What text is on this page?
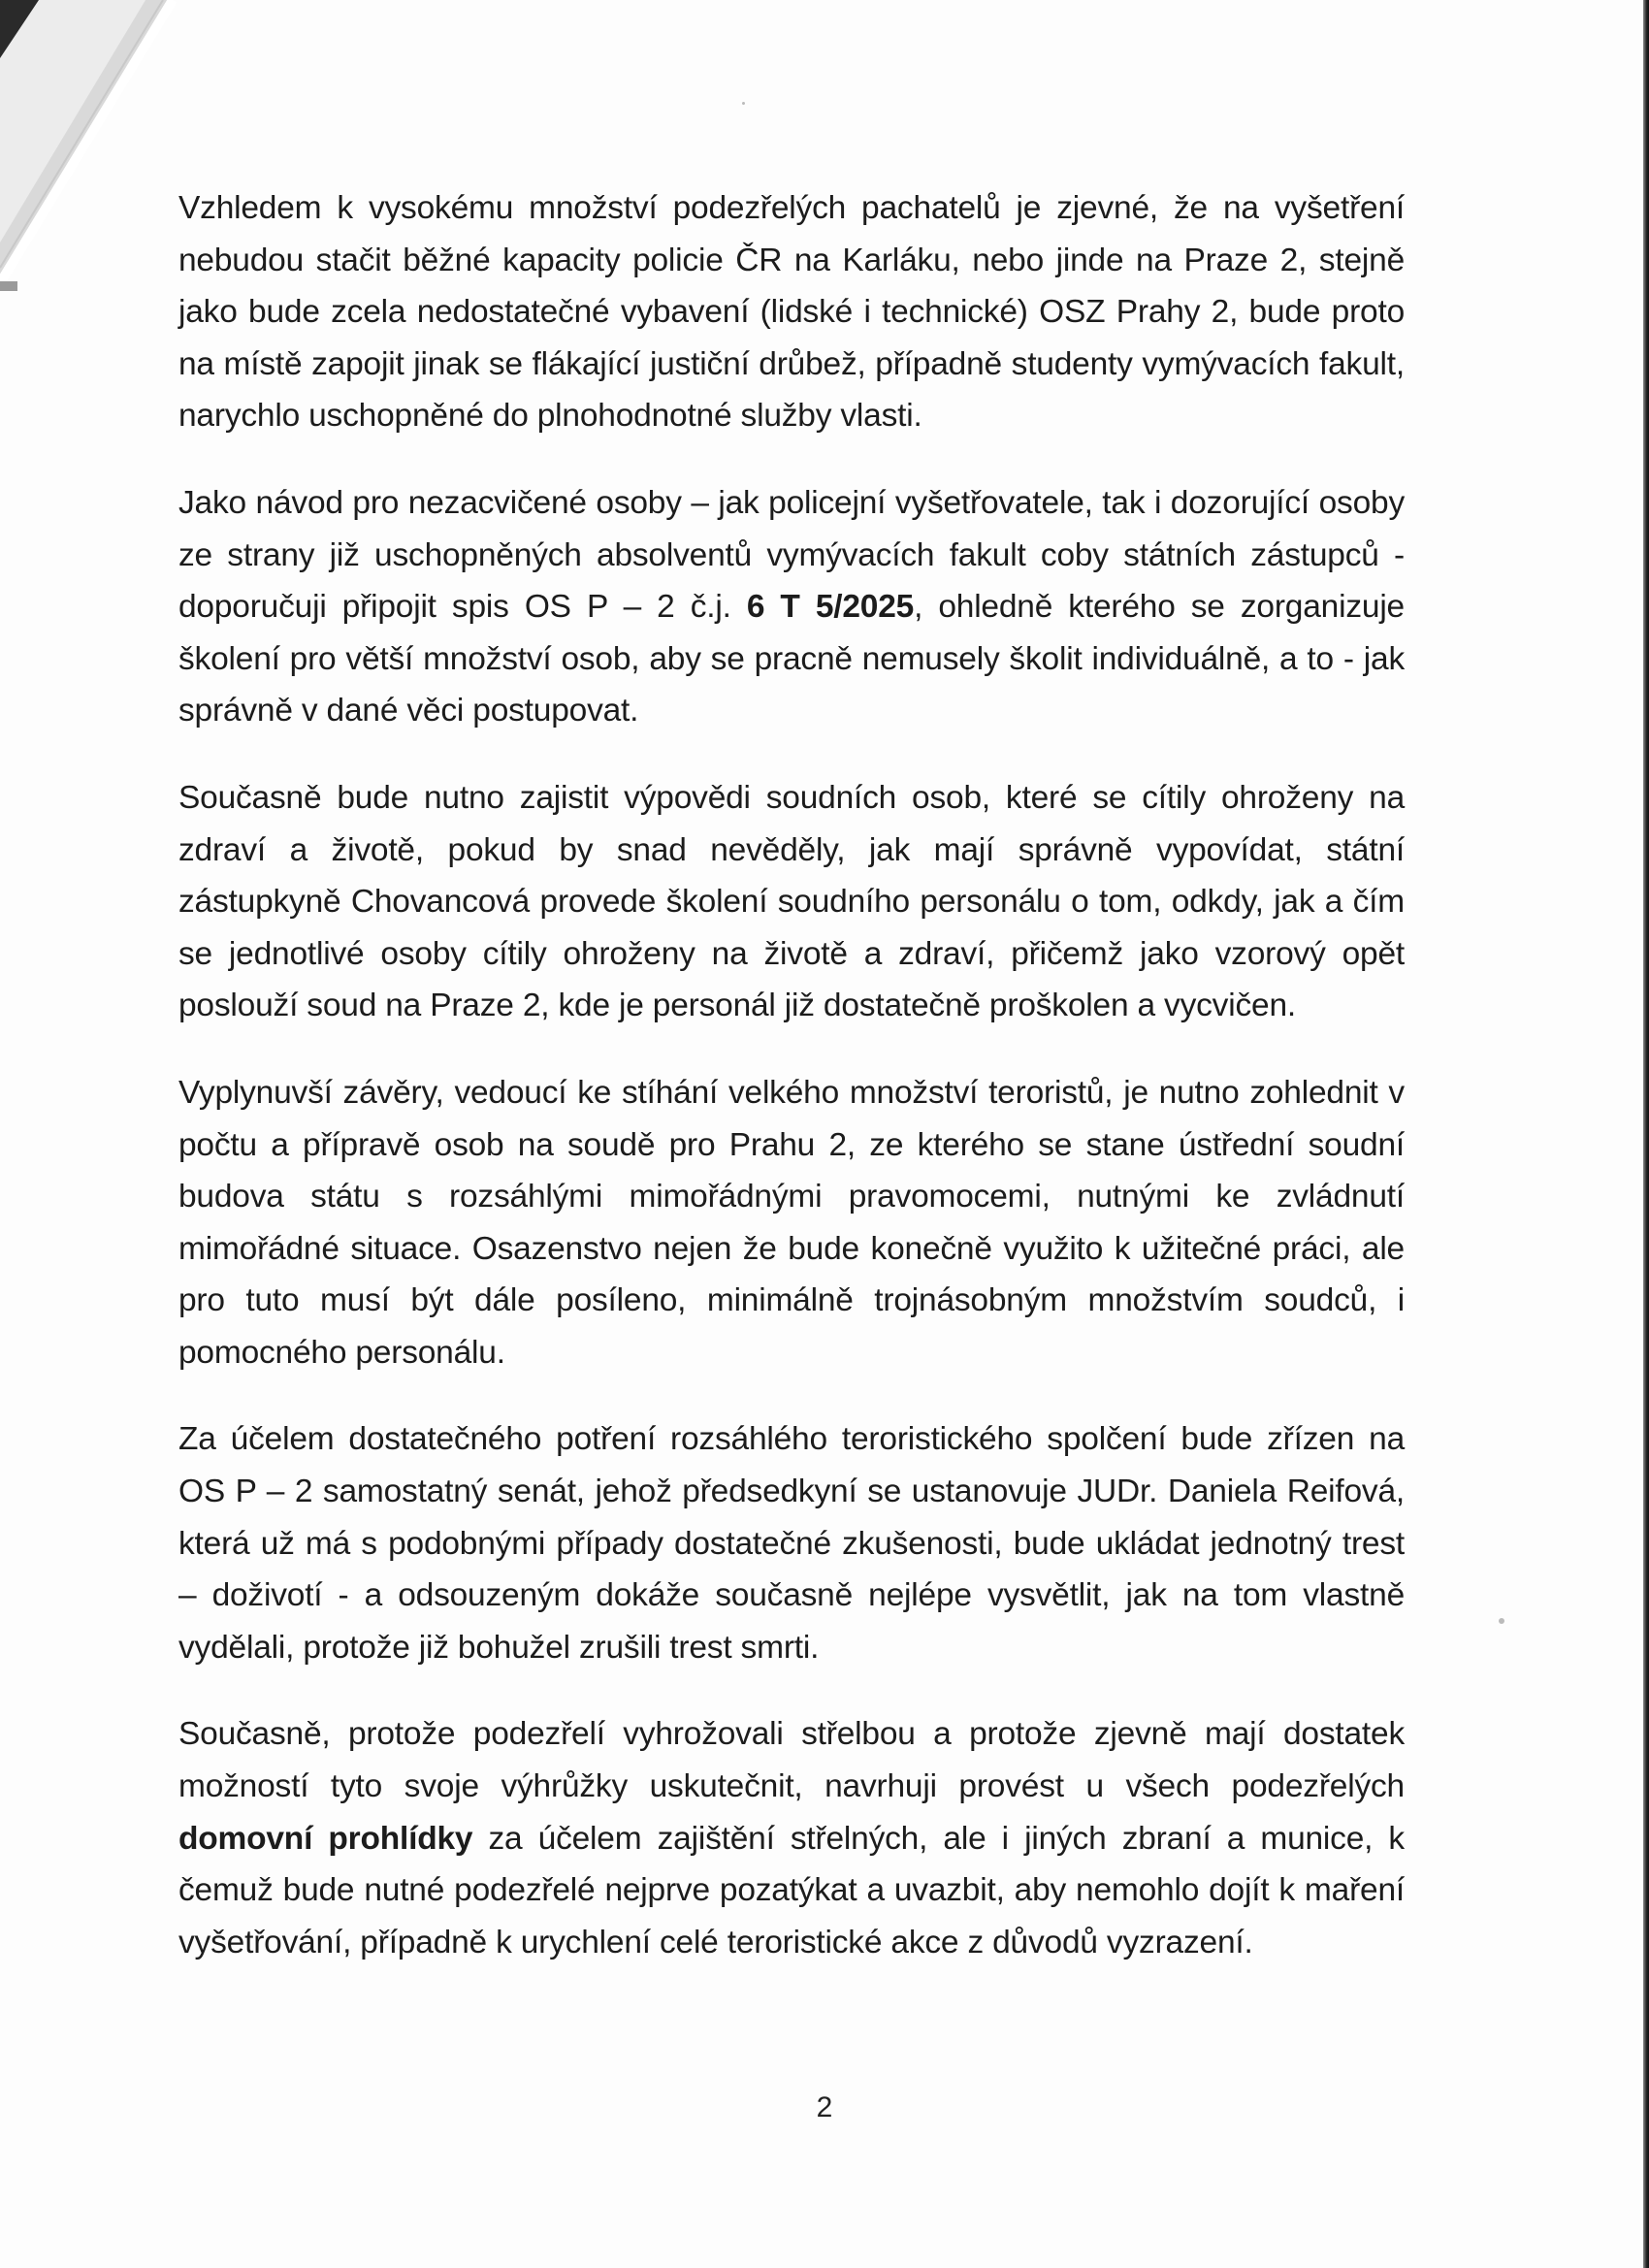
Vzhledem k vysokému množství podezřelých pachatelů je zjevné, že na vyšetření nebudou stačit běžné kapacity policie ČR na Karláku, nebo jinde na Praze 2, stejně jako bude zcela nedostatečné vybavení (lidské i technické) OSZ Prahy 2, bude proto na místě zapojit jinak se flákající justiční drůbež, případně studenty vymývacích fakult, narychlo uschopněné do plnohodnotné služby vlasti.

Jako návod pro nezacvičené osoby – jak policejní vyšetřovatele, tak i dozorující osoby ze strany již uschopněných absolventů vymývacích fakult coby státních zástupců - doporučuji připojit spis OS P – 2 č.j. 6 T 5/2025, ohledně kterého se zorganizuje školení pro větší množství osob, aby se pracně nemusely školit individuálně, a to - jak správně v dané věci postupovat.

Současně bude nutno zajistit výpovědi soudních osob, které se cítily ohroženy na zdraví a životě, pokud by snad nevěděly, jak mají správně vypovídat, státní zástupkyně Chovancová provede školení soudního personálu o tom, odkdy, jak a čím se jednotlivé osoby cítily ohroženy na životě a zdraví, přičemž jako vzorový opět poslouží soud na Praze 2, kde je personál již dostatečně proškolen a vycvičen.

Vyplynuvší závěry, vedoucí ke stíhání velkého množství teroristů, je nutno zohlednit v počtu a přípravě osob na soudě pro Prahu 2, ze kterého se stane ústřední soudní budova státu s rozsáhlými mimořádnými pravomocemi, nutnými ke zvládnutí mimořádné situace. Osazenstvo nejen že bude konečně využito k užitečné práci, ale pro tuto musí být dále posíleno, minimálně trojnásobným množstvím soudců, i pomocného personálu.

Za účelem dostatečného potření rozsáhlého teroristického spolčení bude zřízen na OS P – 2 samostatný senát, jehož předsedkyní se ustanovuje JUDr. Daniela Reifová, která už má s podobnými případy dostatečné zkušenosti, bude ukládat jednotný trest – doživotí - a odsouzeným dokáže současně nejlépe vysvětlit, jak na tom vlastně vydělali, protože již bohužel zrušili trest smrti.

Současně, protože podezřelí vyhrožovali střelbou a protože zjevně mají dostatek možností tyto svoje výhrůžky uskutečnit, navrhuji provést u všech podezřelých domovní prohlídky za účelem zajištění střelných, ale i jiných zbraní a munice, k čemuž bude nutné podezřelé nejprve pozatýkat a uvazbit, aby nemohlo dojít k maření vyšetřování, případně k urychlení celé teroristické akce z důvodů vyzrazení.

2
